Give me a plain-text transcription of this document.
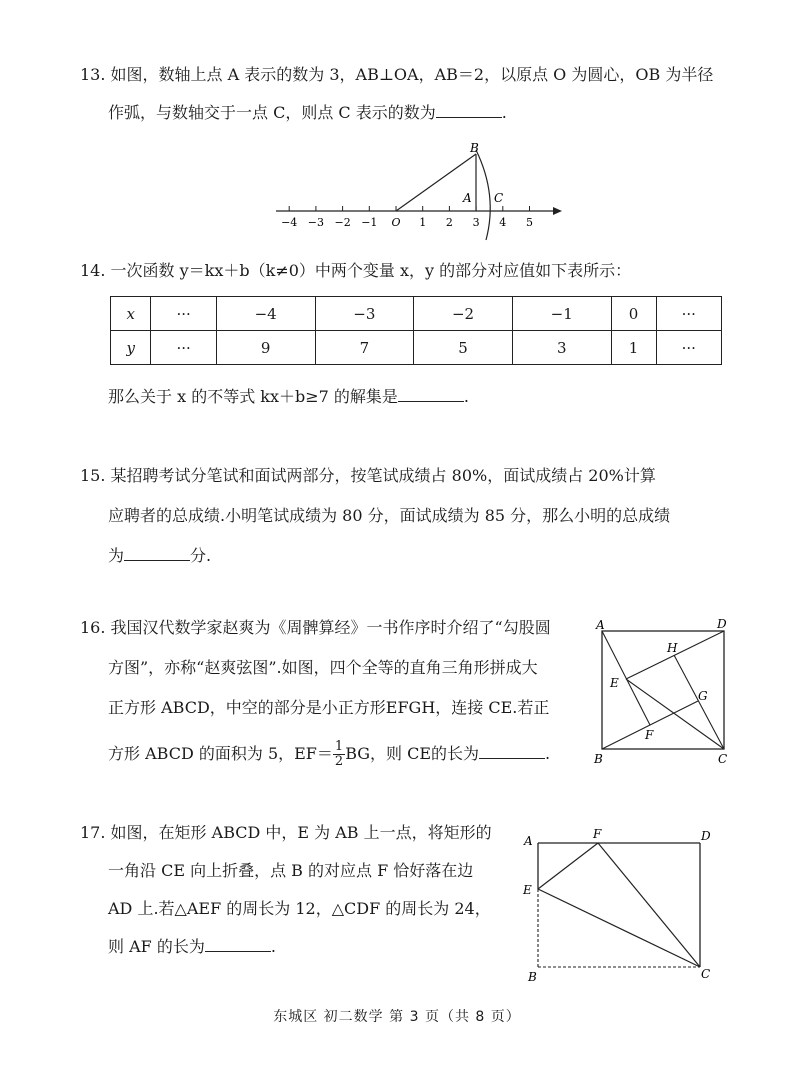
13. 如图，数轴上点 A 表示的数为 3，AB⊥OA，AB＝2，以原点 O 为圆心，OB 为半径
作弧，与数轴交于一点 C，则点 C 表示的数为	.
−4 −3 −2 −1 O 1 2 3 4 5
B
A C
14. 一次函数 y＝kx＋b（k≠0）中两个变量 x，y 的部分对应值如下表所示：
x	···	−4	−3	−2	−1	0	···
y	···	9	7	5	3	1	···
那么关于 x 的不等式 kx＋b≥7 的解集是	.
15. 某招聘考试分笔试和面试两部分，按笔试成绩占 80%，面试成绩占 20%计算
应聘者的总成绩.小明笔试成绩为 80 分，面试成绩为 85 分，那么小明的总成绩
为	分.
16. 我国汉代数学家赵爽为《周髀算经》一书作序时介绍了“勾股圆
方图”，亦称“赵爽弦图”.如图，四个全等的直角三角形拼成大
正方形 ABCD，中空的部分是小正方形EFGH，连接 CE.若正
方形 ABCD 的面积为 5，$EF= \frac{1}{2}$ BG，则 CE的长为	.
A	D
H
E
G
F
B	C
17. 如图，在矩形 ABCD 中，E 为 AB 上一点，将矩形的
一角沿 CE 向上折叠，点 B 的对应点 F 恰好落在边
AD 上.若△AEF 的周长为 12，△CDF 的周长为 24，
则 AF 的长为	.
A	F	D
E
B	C
东城区 初二数学 第 3 页（共 8 页）
